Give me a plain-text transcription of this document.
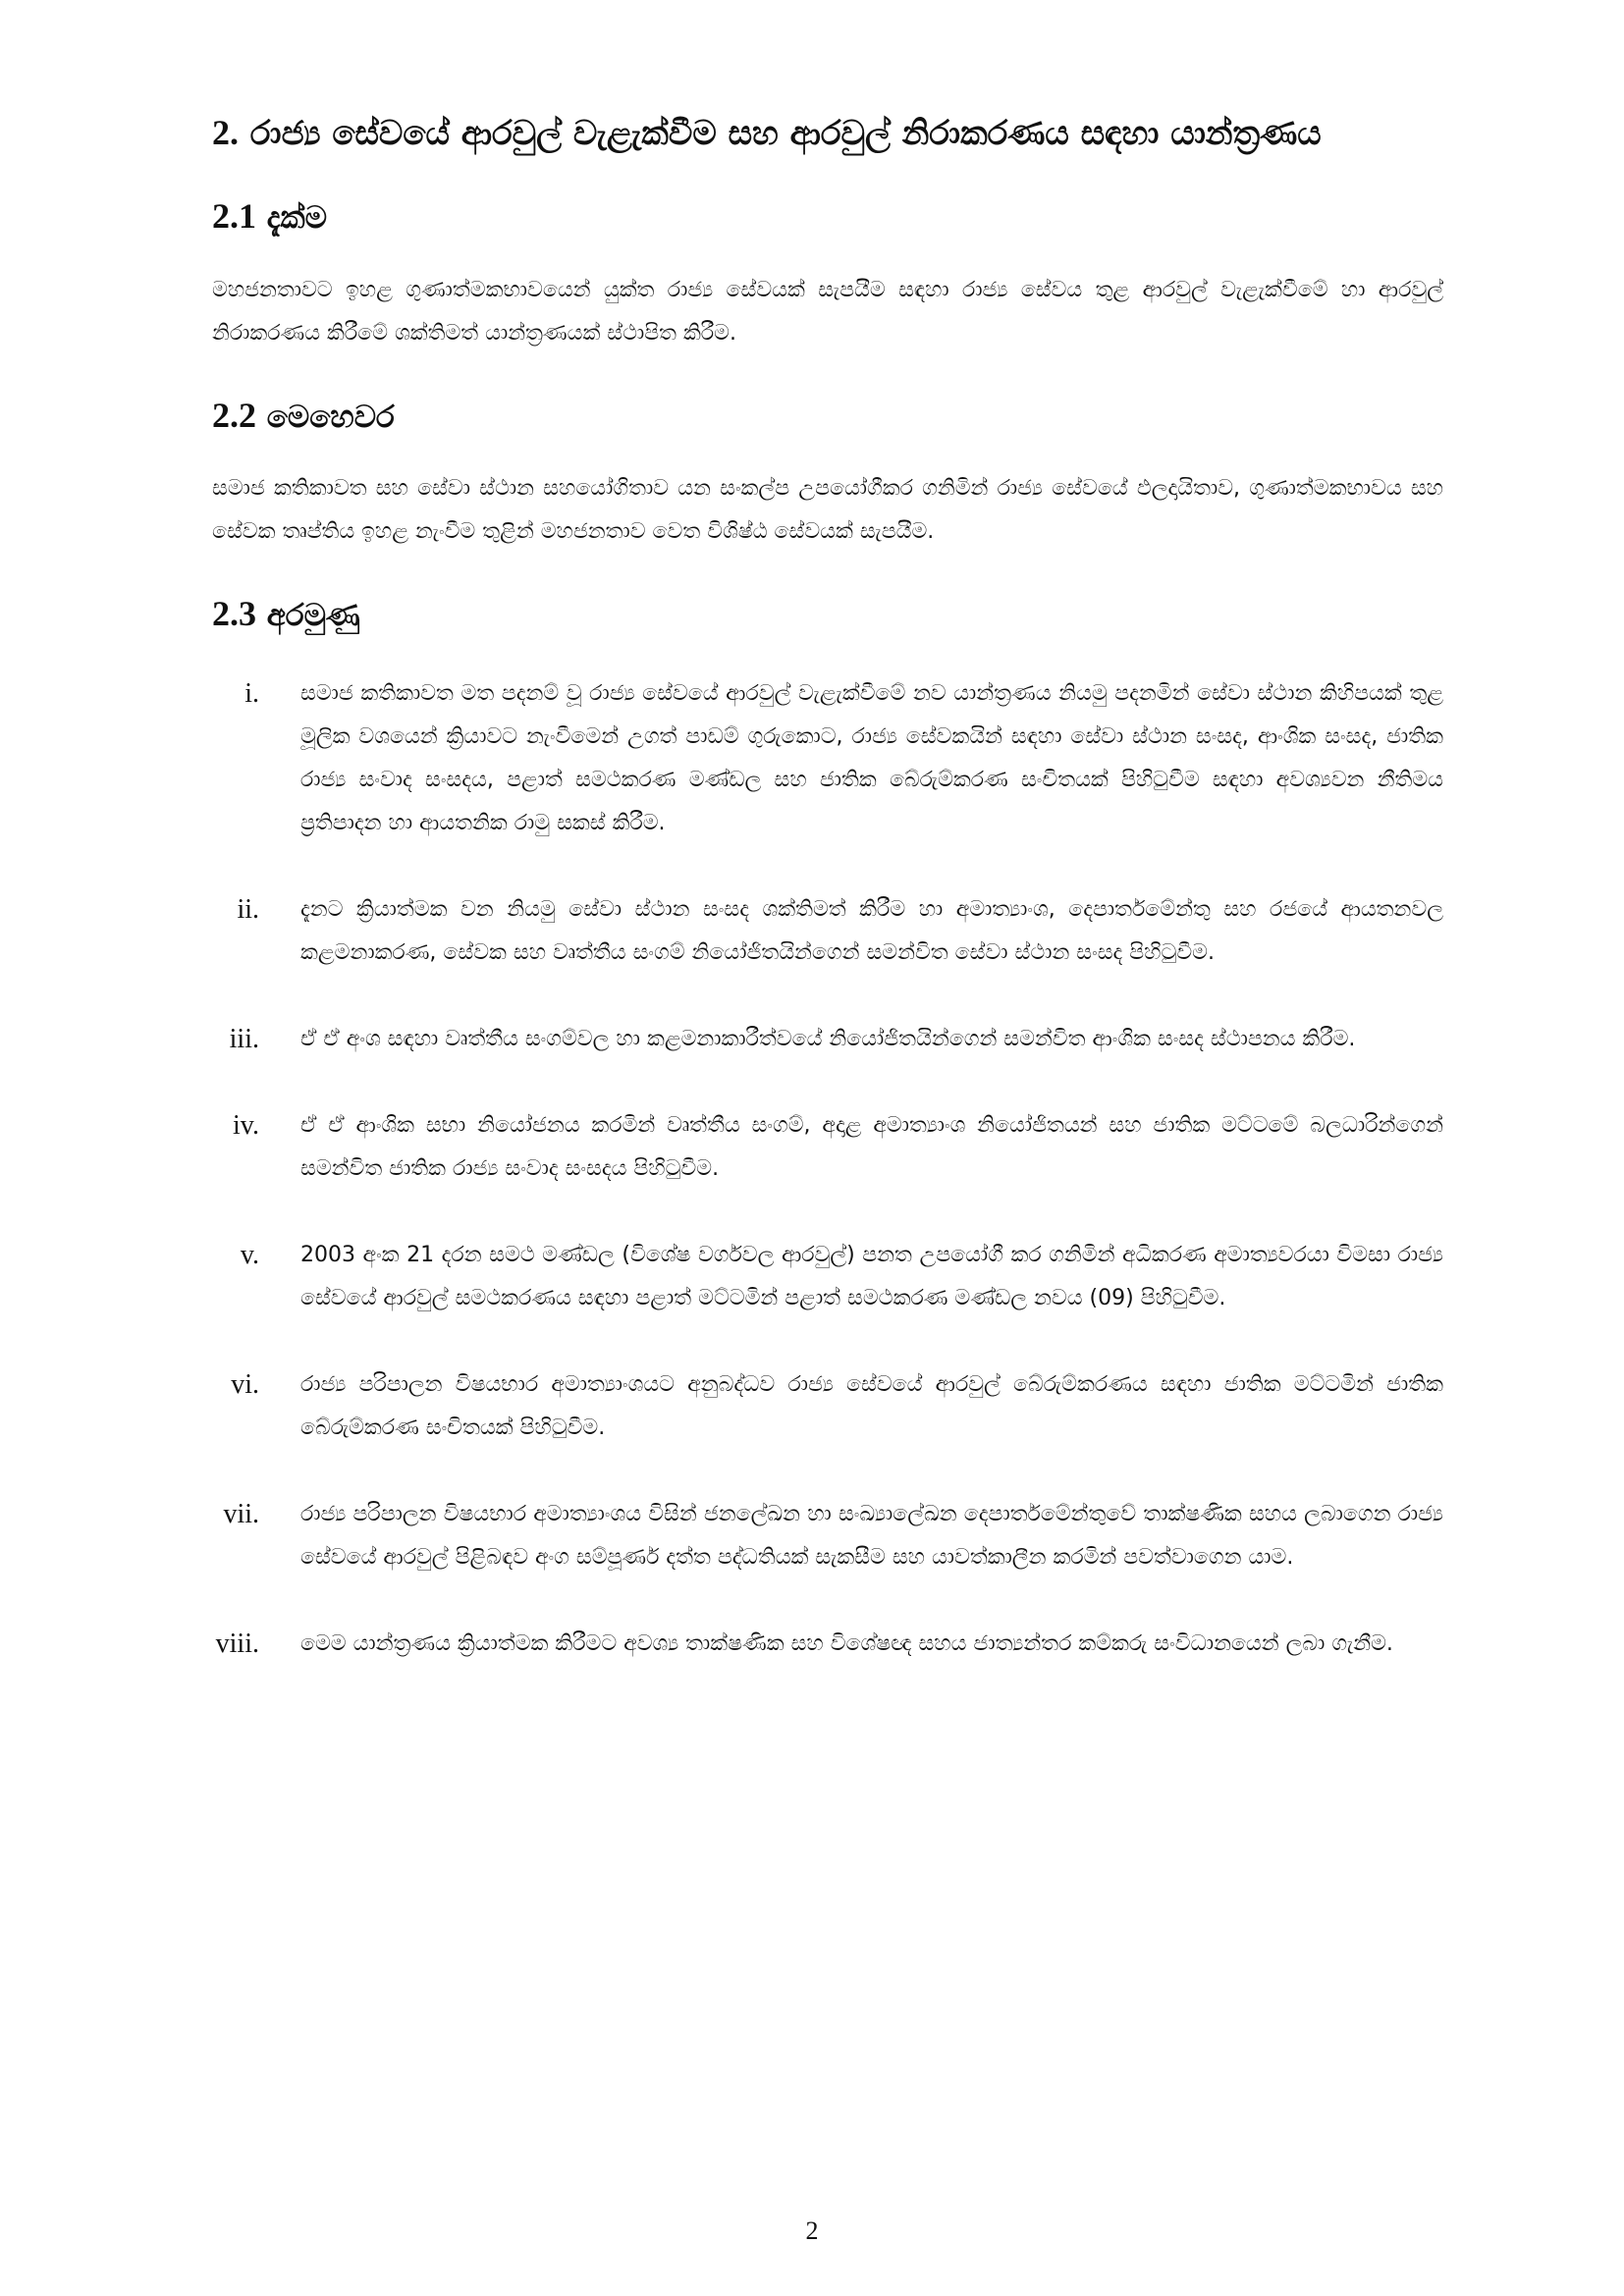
2. රාජ්‍ය සේවයේ ආරවුල් වැළැක්වීම සහ ආරවුල් නිරාකරණය සඳහා යාන්ත්‍රණය
2.1 දැක්ම

මහජනතාවට ඉහළ ගුණාත්මකභාවයෙන් යුක්ත රාජ්‍ය සේවයක් සැපයීම සඳහා රාජ්‍ය සේවය තුළ ආරවුල් වැළැක්වීමේ හා ආරවුල් නිරාකරණය කිරීමේ ශක්තිමත් යාන්ත්‍රණයක් ස්ථාපිත කිරීම.

2.2 මෙහෙවර

සමාජ කතිකාවත සහ සේවා ස්ථාන සහයෝගිතාව යන සංකල්ප උපයෝගීකර ගනිමින් රාජ්‍ය සේවයේ ඵලදායිතාව, ගුණාත්මකභාවය සහ සේවක තෘප්තිය ඉහළ නැංවීම තුළින් මහජනතාව වෙත විශිෂ්ඨ සේවයක් සැපයීම.

2.3 අරමුණු
i. සමාජ කතිකාවත මත පදනම් වූ රාජ්‍ය සේවයේ ආරවුල් වැළැක්වීමේ නව යාන්ත්‍රණය නියමු පදනමින් සේවා ස්ථාන කිහිපයක් තුළ මූලික වශයෙන් ක්‍රියාවට නැංවීමෙන් උගත් පාඩම් ගුරුකොට, රාජ්‍ය සේවකයින් සඳහා සේවා ස්ථාන සංසද, ආංශික සංසද, ජාතික රාජ්‍ය සංවාද සංසදය, පළාත් සමථකරණ මණ්ඩල සහ ජාතික බේරුම්කරණ සංචිතයක් පිහිටුවීම සඳහා අවශ්‍යවන නීතිමය ප්‍රතිපාදන හා ආයතනික රාමු සකස් කිරීම.
ii. දැනට ක්‍රියාත්මක වන නියමු සේවා ස්ථාන සංසද ශක්තිමත් කිරීම හා අමාත්‍යාංශ, දෙපාර්තමේන්තු සහ රජයේ ආයතනවල කළමනාකරණ, සේවක සහ වෘත්තීය සංගම් නියෝජිතයින්ගෙන් සමන්විත සේවා ස්ථාන සංසද පිහිටුවීම.
iii. ඒ ඒ අංශ සඳහා වෘත්තීය සංගම්වල හා කළමනාකාරීත්වයේ නියෝජිතයින්ගෙන් සමන්විත ආංශික සංසද ස්ථාපනය කිරීම.
iv. ඒ ඒ ආංශික සභා නියෝජනය කරමින් වෘත්තීය සංගම්, අදාළ අමාත්‍යාංශ නියෝජිතයන් සහ ජාතික මට්ටමේ බලධාරින්ගෙන් සමන්විත ජාතික රාජ්‍ය සංවාද සංසදය පිහිටුවීම.
v. 2003 අංක 21 දරන සමථ මණ්ඩල (විශේෂ වර්ගවල ආරවුල්) පනත උපයෝගී කර ගනිමින් අධිකරණ අමාත්‍යවරයා විමසා රාජ්‍ය සේවයේ ආරවුල් සමථකරණය සඳහා පළාත් මට්ටමින් පළාත් සමථකරණ මණ්ඩල නවය (09) පිහිටුවීම.
vi. රාජ්‍ය පරිපාලන විෂයභාර අමාත්‍යාංශයට අනුබද්ධව රාජ්‍ය සේවයේ ආරවුල් බේරුම්කරණය සඳහා ජාතික මට්ටමින් ජාතික බේරුම්කරණ සංචිතයක් පිහිටුවීම.
vii. රාජ්‍ය පරිපාලන විෂයභාර අමාත්‍යාංශය විසින් ජනලේඛන හා සංඛ්‍යාලේඛන දෙපාර්තමේන්තුවේ තාක්ෂණික සහය ලබාගෙන රාජ්‍ය සේවයේ ආරවුල් පිළිබඳව අංග සම්පූර්ණ දත්ත පද්ධතියක් සැකසීම සහ යාවත්කාලීන කරමින් පවත්වාගෙන යාම.
viii. මෙම යාන්ත්‍රණය ක්‍රියාත්මක කිරීමට අවශ්‍ය තාක්ෂණික සහ විශේෂඥ සහය ජාත්‍යන්තර කම්කරු සංවිධානයෙන් ලබා ගැනීම.
2
